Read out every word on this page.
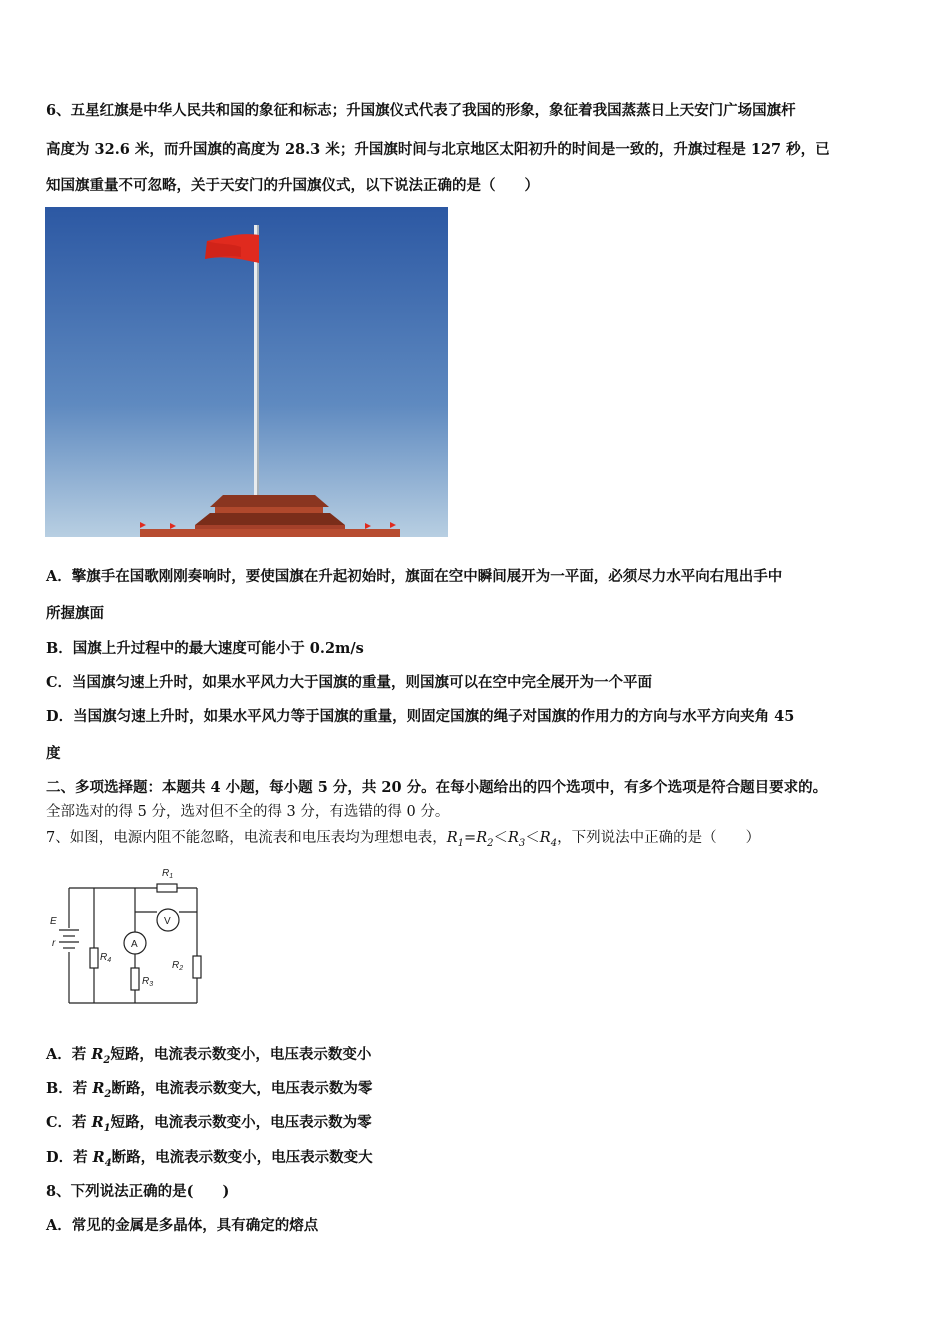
6、五星红旗是中华人民共和国的象征和标志；升国旗仪式代表了我国的形象，象征着我国蒸蒸日上天安门广场国旗杆
高度为 32.6 米，而升国旗的高度为 28.3 米；升国旗时间与北京地区太阳初升的时间是一致的，升旗过程是 127 秒，已
知国旗重量不可忽略，关于天安门的升国旗仪式，以下说法正确的是（　　）
A．擎旗手在国歌刚刚奏响时，要使国旗在升起初始时，旗面在空中瞬间展开为一平面，必须尽力水平向右甩出手中
所握旗面
B．国旗上升过程中的最大速度可能小于 0.2m/s
C．当国旗匀速上升时，如果水平风力大于国旗的重量，则国旗可以在空中完全展开为一个平面
D．当国旗匀速上升时，如果水平风力等于国旗的重量，则固定国旗的绳子对国旗的作用力的方向与水平方向夹角 45
度
二、多项选择题：本题共 4 小题，每小题 5 分，共 20 分。在每小题给出的四个选项中，有多个选项是符合题目要求的。
全部选对的得 5 分，选对但不全的得 3 分，有选错的得 0 分。
7、如图，电源内阻不能忽略，电流表和电压表均为理想电表，$R_1=R_2<R_3<R_4$，下列说法中正确的是（　　）
E
r
$R_1$
$R_4$
$R_3$
$R_2$
A
V
A．若 $R_2$短路，电流表示数变小，电压表示数变小
B．若 $R_2$断路，电流表示数变大，电压表示数为零
C．若 $R_1$短路，电流表示数变小，电压表示数为零
D．若 $R_4$断路，电流表示数变小，电压表示数变大
8、下列说法正确的是(　　)
A．常见的金属是多晶体，具有确定的熔点
